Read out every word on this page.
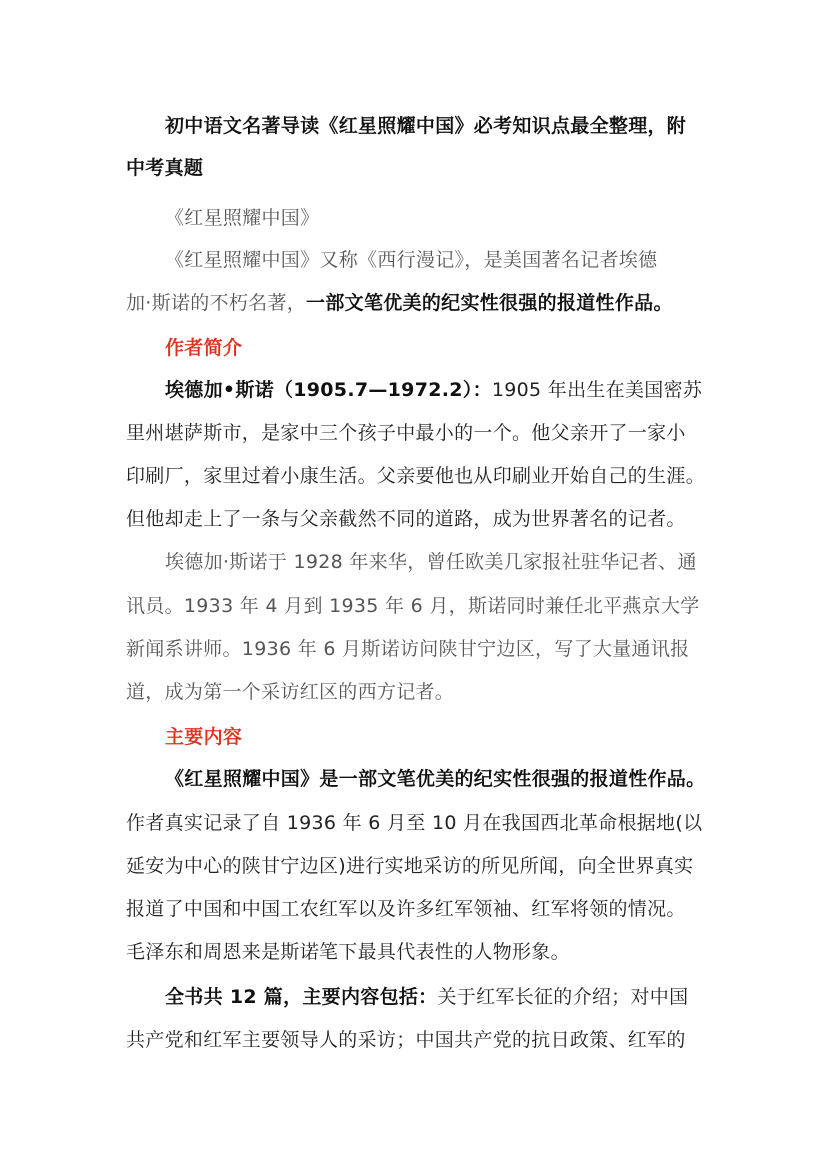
初中语文名著导读《红星照耀中国》必考知识点最全整理，附
中考真题
《红星照耀中国》
《红星照耀中国》又称《西行漫记》，是美国著名记者埃德
加·斯诺的不朽名著，一部文笔优美的纪实性很强的报道性作品。
作者简介
埃德加•斯诺（1905.7—1972.2）：1905 年出生在美国密苏
里州堪萨斯市，是家中三个孩子中最小的一个。他父亲开了一家小
印刷厂，家里过着小康生活。父亲要他也从印刷业开始自己的生涯。
但他却走上了一条与父亲截然不同的道路，成为世界著名的记者。
埃德加·斯诺于 1928 年来华，曾任欧美几家报社驻华记者、通
讯员。1933 年 4 月到 1935 年 6 月，斯诺同时兼任北平燕京大学
新闻系讲师。1936 年 6 月斯诺访问陕甘宁边区，写了大量通讯报
道，成为第一个采访红区的西方记者。
主要内容
《红星照耀中国》是一部文笔优美的纪实性很强的报道性作品。
作者真实记录了自 1936 年 6 月至 10 月在我国西北革命根据地(以
延安为中心的陕甘宁边区)进行实地采访的所见所闻，向全世界真实
报道了中国和中国工农红军以及许多红军领袖、红军将领的情况。
毛泽东和周恩来是斯诺笔下最具代表性的人物形象。
全书共 12 篇，主要内容包括：关于红军长征的介绍；对中国
共产党和红军主要领导人的采访；中国共产党的抗日政策、红军的
